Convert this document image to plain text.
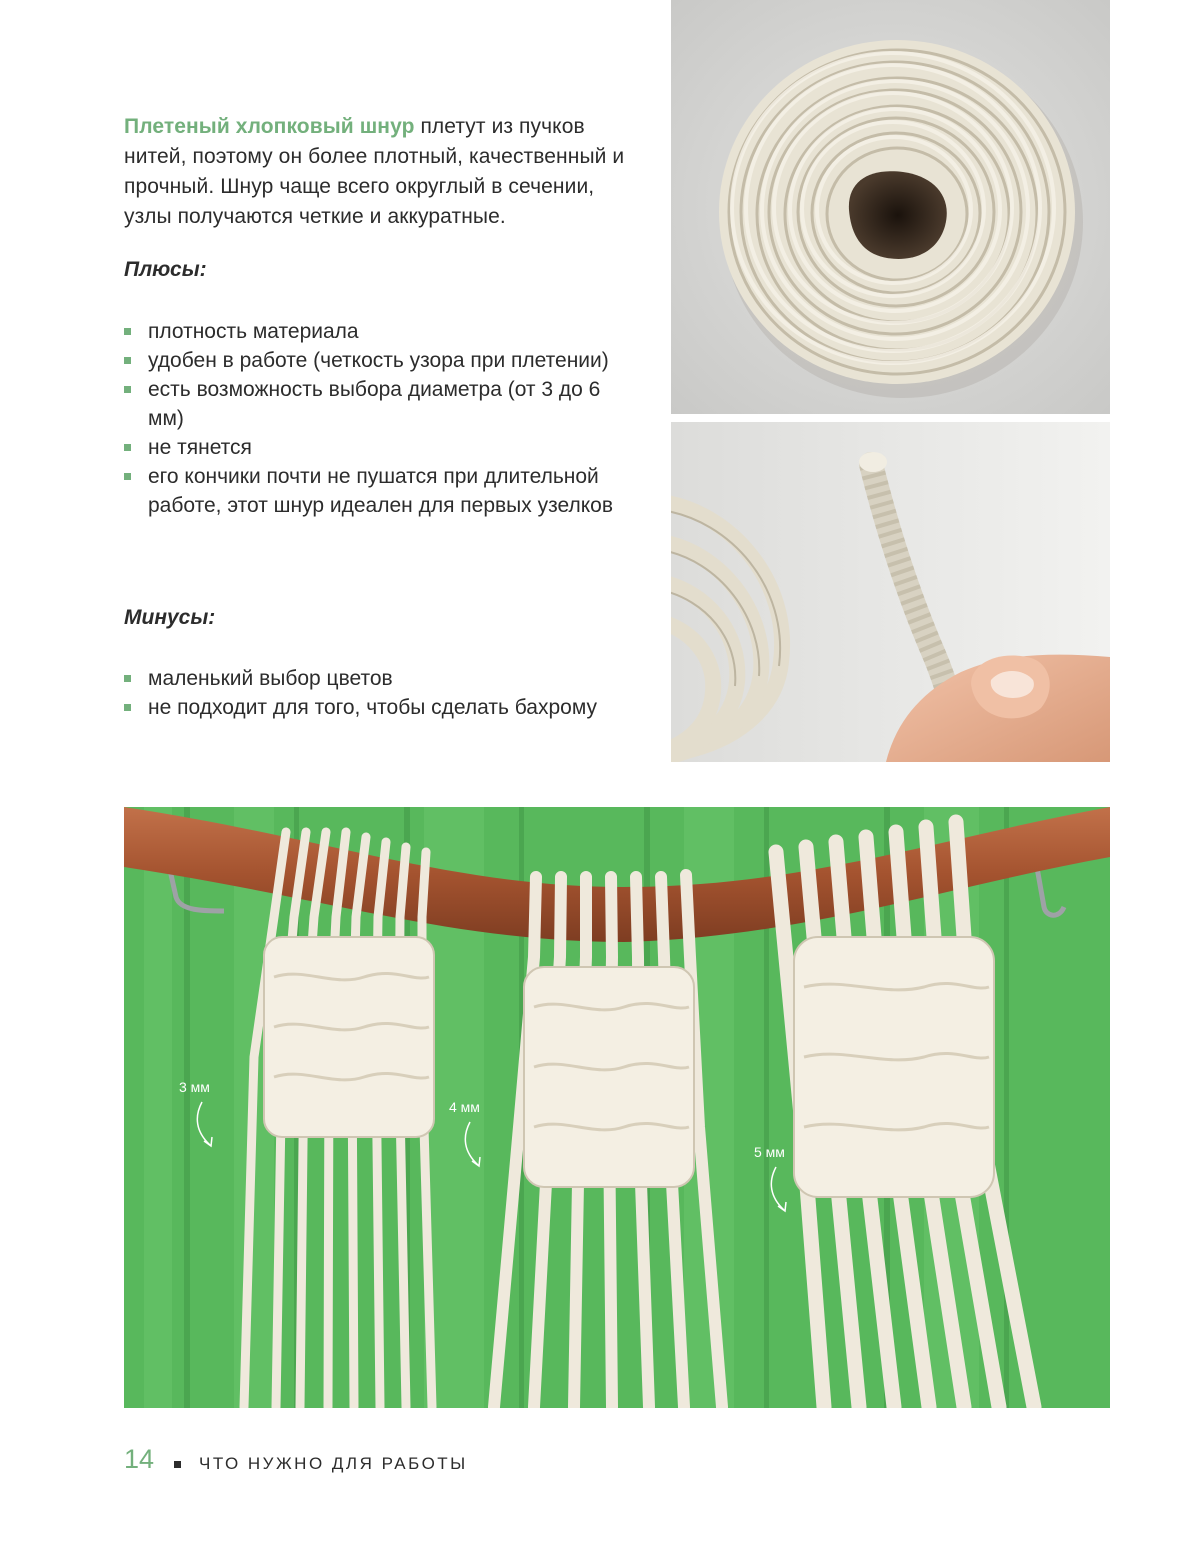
Плетеный хлопковый шнур плетут из пучков нитей, поэтому он более плотный, качественный и прочный. Шнур чаще всего округлый в сечении, узлы получаются четкие и аккуратные.
Плюсы:
плотность материала
удобен в работе (четкость узора при плетении)
есть возможность выбора диаметра (от 3 до 6 мм)
не тянется
его кончики почти не пушатся при длительной работе, этот шнур идеален для первых узелков
Минусы:
маленький выбор цветов
не подходит для того, чтобы сделать бахрому
3 мм
4 мм
5 мм
14	ЧТО НУЖНО ДЛЯ РАБОТЫ
